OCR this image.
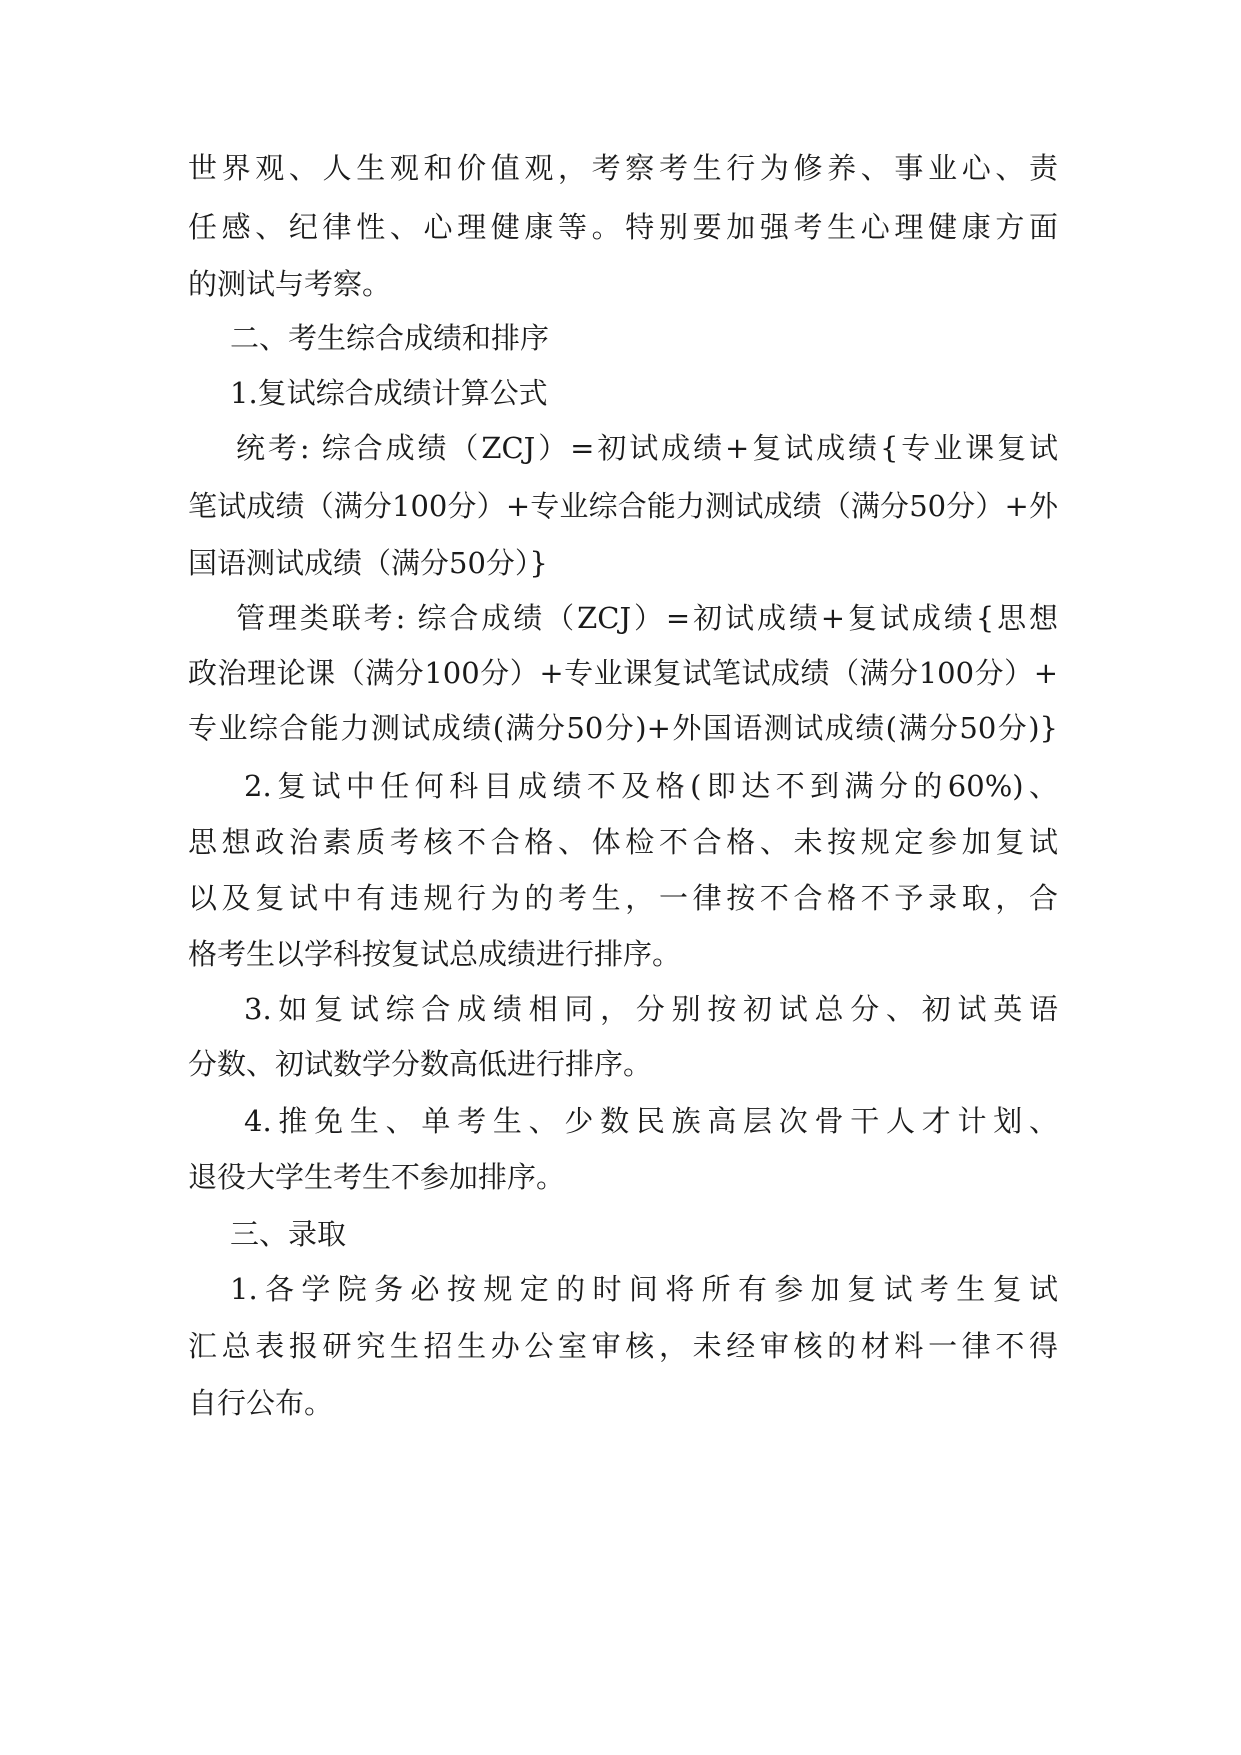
世界观、人生观和价值观，考察考生行为修养、事业心、责
任感、纪律性、心理健康等。特别要加强考生心理健康方面
的测试与考察。
二、考生综合成绩和排序
1.复试综合成绩计算公式
统考: 综合成绩（ZCJ）=初试成绩+复试成绩{专业课复试
笔试成绩（满分100分）+专业综合能力测试成绩（满分50分）+外
国语测试成绩（满分50分）}
管理类联考: 综合成绩（ZCJ）=初试成绩+复试成绩{思想
政治理论课（满分100分）+专业课复试笔试成绩（满分100分）+
专业综合能力测试成绩(满分50分)+外国语测试成绩(满分50分)}
2.复试中任何科目成绩不及格(即达不到满分的60%)、
思想政治素质考核不合格、体检不合格、未按规定参加复试
以及复试中有违规行为的考生，一律按不合格不予录取，合
格考生以学科按复试总成绩进行排序。
3.如复试综合成绩相同，分别按初试总分、初试英语
分数、初试数学分数高低进行排序。
4.推免生、单考生、少数民族高层次骨干人才计划、
退役大学生考生不参加排序。
三、录取
1.各学院务必按规定的时间将所有参加复试考生复试
汇总表报研究生招生办公室审核，未经审核的材料一律不得
自行公布。
